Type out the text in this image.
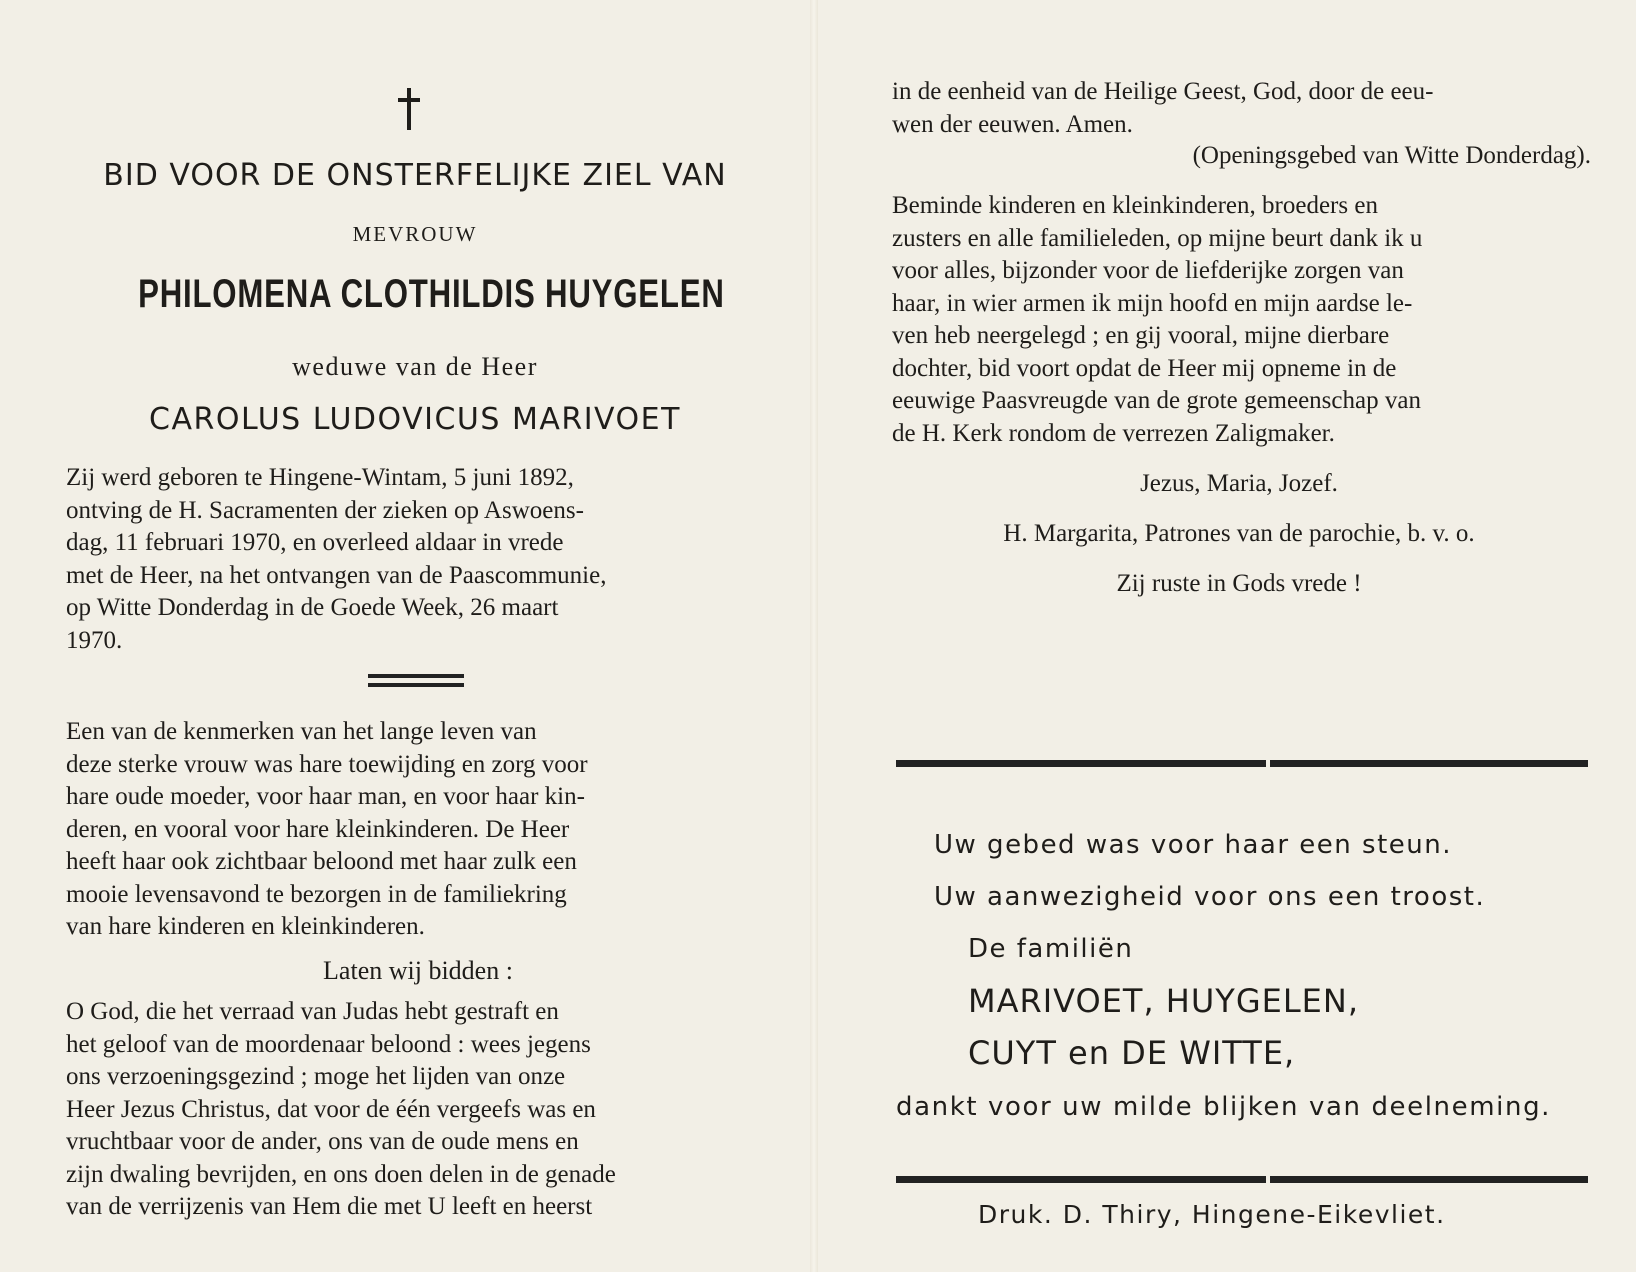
BID VOOR DE ONSTERFELIJKE ZIEL VAN
MEVROUW
PHILOMENA CLOTHILDIS HUYGELEN
weduwe van de Heer
CAROLUS LUDOVICUS MARIVOET
Zij werd geboren te Hingene-Wintam, 5 juni 1892,
ontving de H. Sacramenten der zieken op Aswoens-
dag, 11 februari 1970, en overleed aldaar in vrede
met de Heer, na het ontvangen van de Paascommunie,
op Witte Donderdag in de Goede Week, 26 maart
1970.
Een van de kenmerken van het lange leven van
deze sterke vrouw was hare toewijding en zorg voor
hare oude moeder, voor haar man, en voor haar kin-
deren, en vooral voor hare kleinkinderen. De Heer
heeft haar ook zichtbaar beloond met haar zulk een
mooie levensavond te bezorgen in de familiekring
van hare kinderen en kleinkinderen.
Laten wij bidden :
O God, die het verraad van Judas hebt gestraft en
het geloof van de moordenaar beloond : wees jegens
ons verzoeningsgezind ; moge het lijden van onze
Heer Jezus Christus, dat voor de één vergeefs was en
vruchtbaar voor de ander, ons van de oude mens en
zijn dwaling bevrijden, en ons doen delen in de genade
van de verrijzenis van Hem die met U leeft en heerst
in de eenheid van de Heilige Geest, God, door de eeu-
wen der eeuwen. Amen.
(Openingsgebed van Witte Donderdag).
Beminde kinderen en kleinkinderen, broeders en
zusters en alle familieleden, op mijne beurt dank ik u
voor alles, bijzonder voor de liefderijke zorgen van
haar, in wier armen ik mijn hoofd en mijn aardse le-
ven heb neergelegd ; en gij vooral, mijne dierbare
dochter, bid voort opdat de Heer mij opneme in de
eeuwige Paasvreugde van de grote gemeenschap van
de H. Kerk rondom de verrezen Zaligmaker.
Jezus, Maria, Jozef.
H. Margarita, Patrones van de parochie, b. v. o.
Zij ruste in Gods vrede !
Uw gebed was voor haar een steun.
Uw aanwezigheid voor ons een troost.
De familiën
MARIVOET, HUYGELEN,
CUYT en DE WITTE,
dankt voor uw milde blijken van deelneming.
Druk. D. Thiry, Hingene-Eikevliet.
